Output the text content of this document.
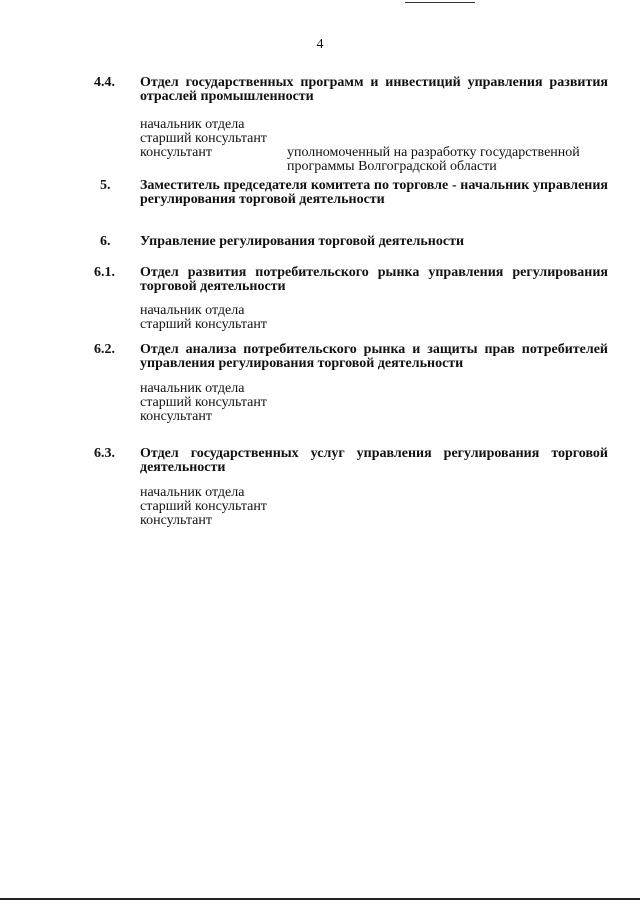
4
4.4. Отдел государственных программ и инвестиций управления развития отраслей промышленности
начальник отдела
старший консультант
консультант	уполномоченный на разработку государственной
программы Волгоградской области
5. Заместитель председателя комитета по торговле - начальник управления регулирования торговой деятельности
6. Управление регулирования торговой деятельности
6.1. Отдел развития потребительского рынка управления регулирования торговой деятельности
начальник отдела
старший консультант
6.2. Отдел анализа потребительского рынка и защиты прав потребителей управления регулирования торговой деятельности
начальник отдела
старший консультант
консультант
6.3. Отдел государственных услуг управления регулирования торговой деятельности
начальник отдела
старший консультант
консультант
